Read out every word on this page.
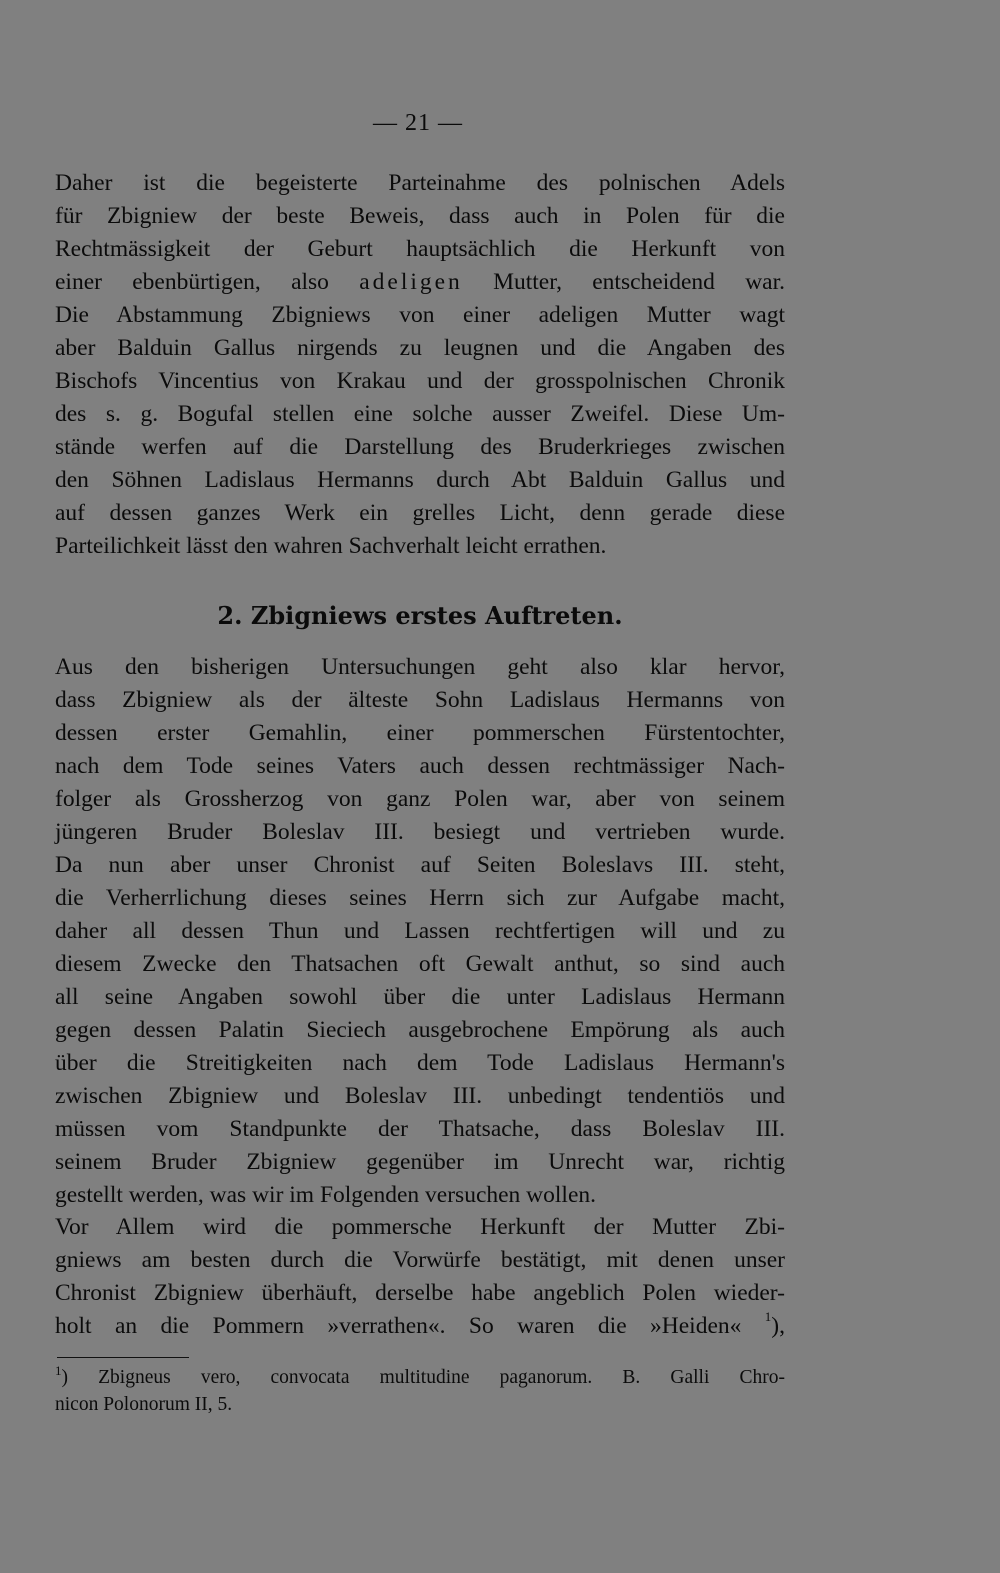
— 21 —
Daher ist die begeisterte Parteinahme des polnischen Adels
für Zbigniew der beste Beweis, dass auch in Polen für die
Rechtmässigkeit der Geburt hauptsächlich die Herkunft von
einer ebenbürtigen, also adeligen Mutter, entscheidend war.
Die Abstammung Zbigniews von einer adeligen Mutter wagt
aber Balduin Gallus nirgends zu leugnen und die Angaben des
Bischofs Vincentius von Krakau und der grosspolnischen Chronik
des s. g. Bogufal stellen eine solche ausser Zweifel. Diese Um-
stände werfen auf die Darstellung des Bruderkrieges zwischen
den Söhnen Ladislaus Hermanns durch Abt Balduin Gallus und
auf dessen ganzes Werk ein grelles Licht, denn gerade diese
Parteilichkeit lässt den wahren Sachverhalt leicht errathen.
2. Zbigniews erstes Auftreten.
Aus den bisherigen Untersuchungen geht also klar hervor,
dass Zbigniew als der älteste Sohn Ladislaus Hermanns von
dessen erster Gemahlin, einer pommerschen Fürstentochter,
nach dem Tode seines Vaters auch dessen rechtmässiger Nach-
folger als Grossherzog von ganz Polen war, aber von seinem
jüngeren Bruder Boleslav III. besiegt und vertrieben wurde.
Da nun aber unser Chronist auf Seiten Boleslavs III. steht,
die Verherrlichung dieses seines Herrn sich zur Aufgabe macht,
daher all dessen Thun und Lassen rechtfertigen will und zu
diesem Zwecke den Thatsachen oft Gewalt anthut, so sind auch
all seine Angaben sowohl über die unter Ladislaus Hermann
gegen dessen Palatin Sieciech ausgebrochene Empörung als auch
über die Streitigkeiten nach dem Tode Ladislaus Hermann's
zwischen Zbigniew und Boleslav III. unbedingt tendentiös und
müssen vom Standpunkte der Thatsache, dass Boleslav III.
seinem Bruder Zbigniew gegenüber im Unrecht war, richtig
gestellt werden, was wir im Folgenden versuchen wollen.
Vor Allem wird die pommersche Herkunft der Mutter Zbi-
gniews am besten durch die Vorwürfe bestätigt, mit denen unser
Chronist Zbigniew überhäuft, derselbe habe angeblich Polen wieder-
holt an die Pommern »verrathen«. So waren die »Heiden« $^1$),
$^1$) Zbigneus vero, convocata multitudine paganorum. B. Galli Chro-
nicon Polonorum II, 5.
